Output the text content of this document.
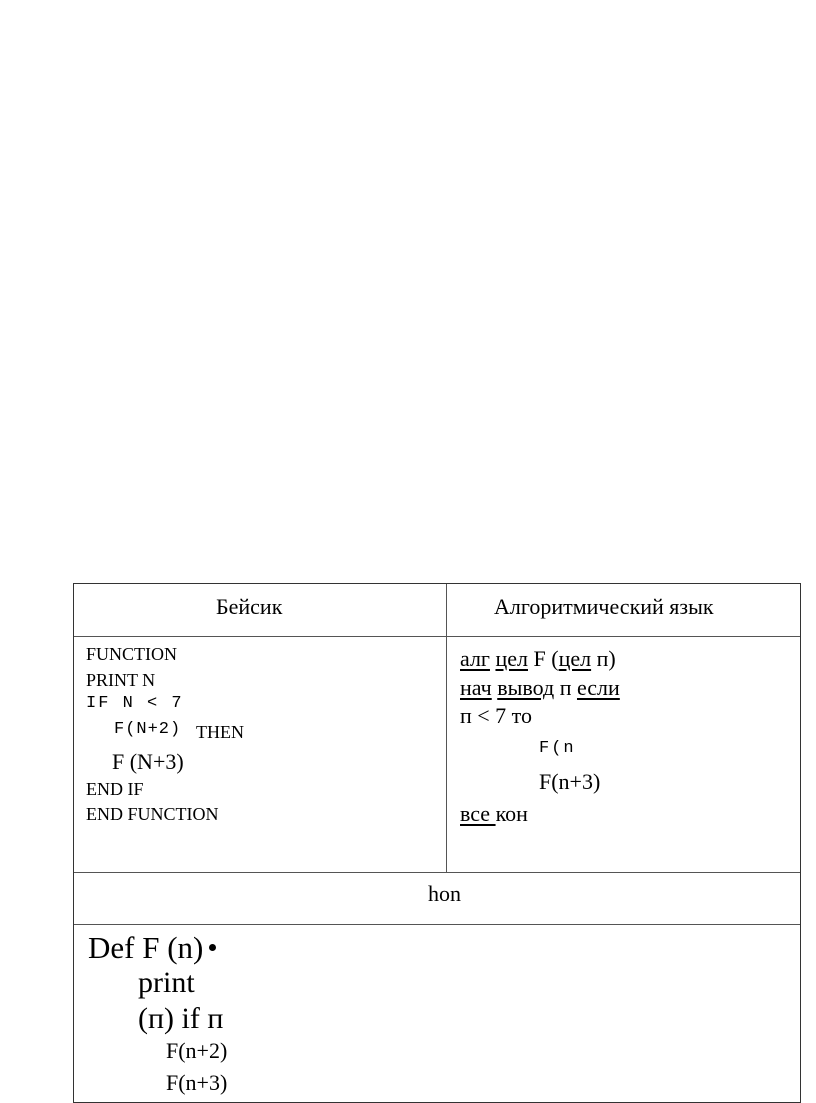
Бейсик	Алгоритмический язык
FUNCTION
PRINT N
IF N < 7
F(N+2) THEN
F (N+3)
END IF
END FUNCTION
алг цел F (цел п)
нач вывод п если
п < 7 то
F(n
F(n+3)
все кон
hon
Def F (n)
print
(п) if п
F(n+2)
F(n+3)
